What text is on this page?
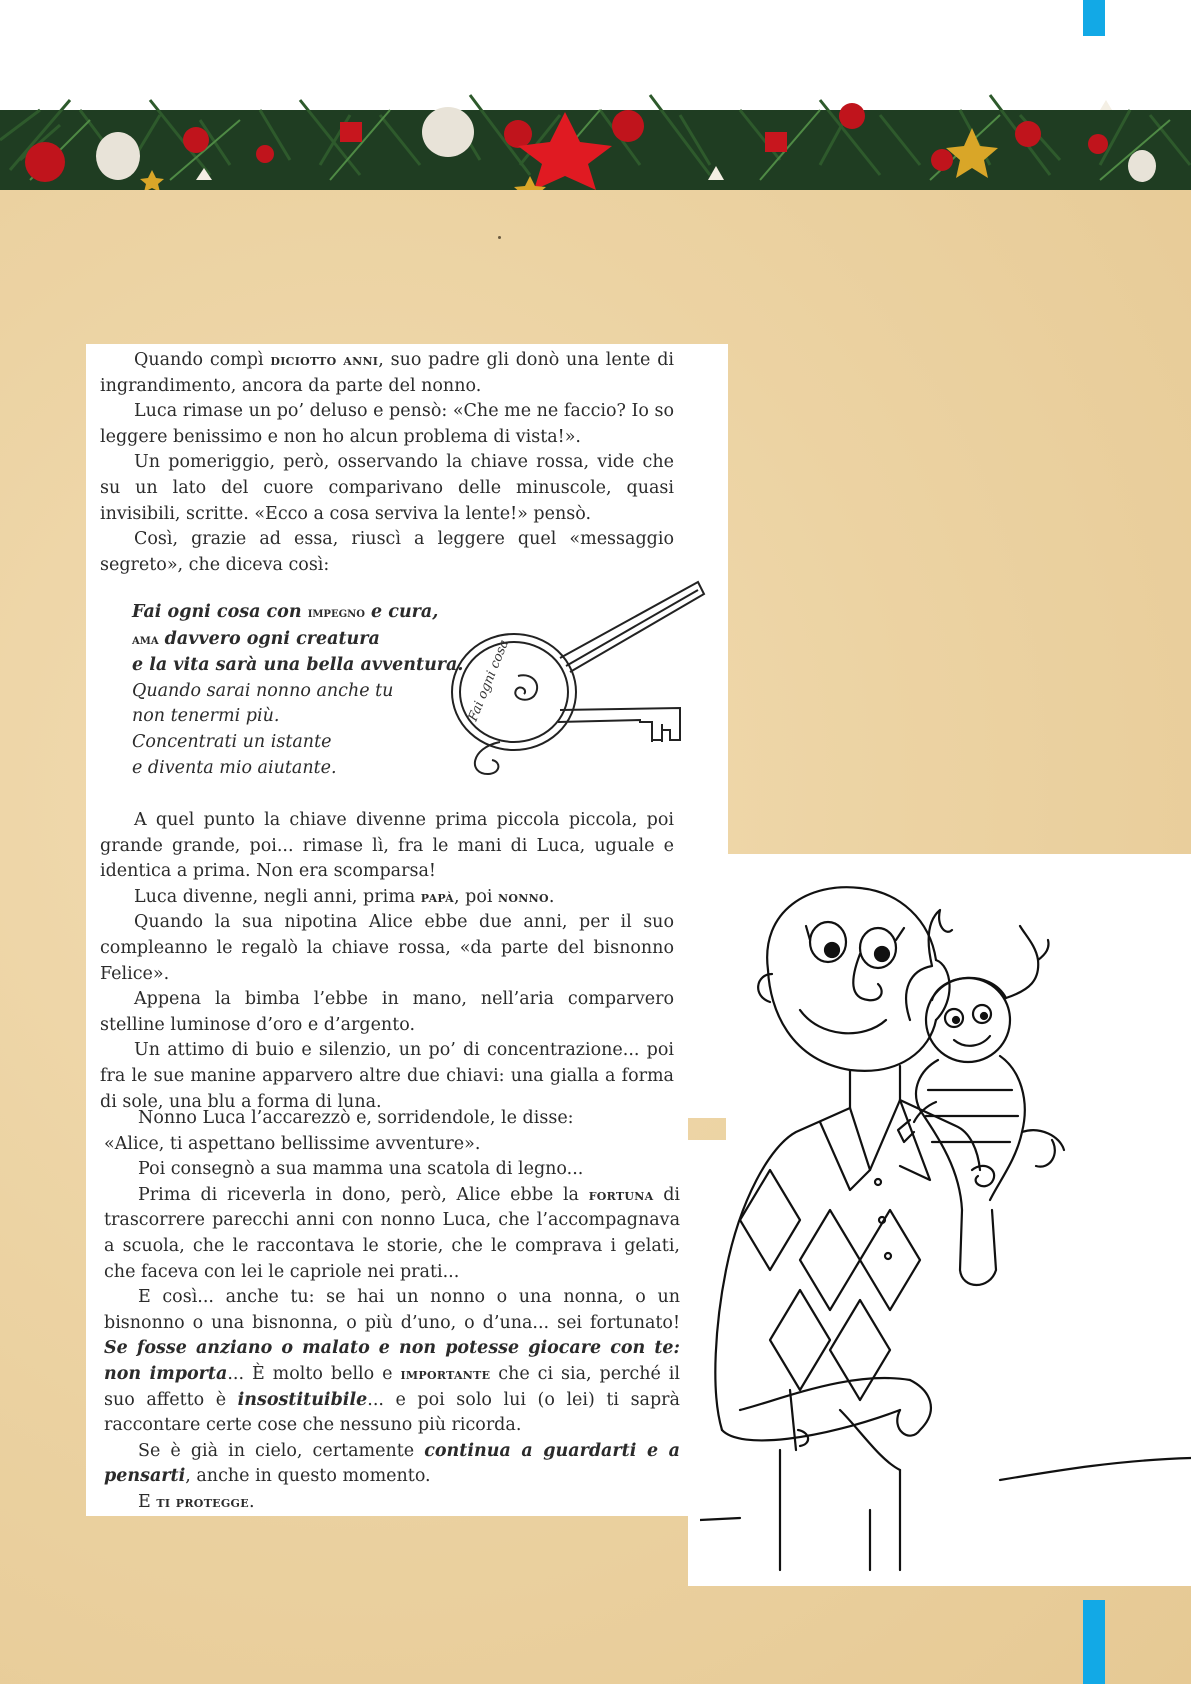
Quando compì diciotto anni, suo padre gli donò una lente di ingrandimento, ancora da parte del nonno.

Luca rimase un po’ deluso e pensò: «Che me ne faccio? Io so leggere benissimo e non ho alcun problema di vista!».

Un pomeriggio, però, osservando la chiave rossa, vide che su un lato del cuore comparivano delle minuscole, quasi invisibili, scritte. «Ecco a cosa serviva la lente!» pensò.

Così, grazie ad essa, riuscì a leggere quel «messaggio segreto», che diceva così:

Fai ogni cosa con impegno e cura,
ama davvero ogni creatura
e la vita sarà una bella avventura.
Quando sarai nonno anche tu
non tenermi più.
Concentrati un istante
e diventa mio aiutante.
Fai ogni cosa

A quel punto la chiave divenne prima piccola piccola, poi grande grande, poi... rimase lì, fra le mani di Luca, uguale e identica a prima. Non era scomparsa!

Luca divenne, negli anni, prima papà, poi nonno.

Quando la sua nipotina Alice ebbe due anni, per il suo compleanno le regalò la chiave rossa, «da parte del bisnonno Felice».

Appena la bimba l’ebbe in mano, nell’aria comparvero stelline luminose d’oro e d’argento.

Un attimo di buio e silenzio, un po’ di concentrazione... poi fra le sue manine apparvero altre due chiavi: una gialla a forma di sole, una blu a forma di luna.

Nonno Luca l’accarezzò e, sorridendole, le disse:

«Alice, ti aspettano bellissime avventure».

Poi consegnò a sua mamma una scatola di legno...

Prima di riceverla in dono, però, Alice ebbe la fortuna di trascorrere parecchi anni con nonno Luca, che l’accompagnava a scuola, che le raccontava le storie, che le comprava i gelati, che faceva con lei le capriole nei prati...

E così... anche tu: se hai un nonno o una nonna, o un bisnonno o una bisnonna, o più d’uno, o d’una... sei fortunato! Se fosse anziano o malato e non potesse giocare con te: non importa... È molto bello e importante che ci sia, perché il suo affetto è insostituibile... e poi solo lui (o lei) ti saprà raccontare certe cose che nessuno più ricorda.

Se è già in cielo, certamente continua a guardarti e a pensarti, anche in questo momento.

E ti protegge.
